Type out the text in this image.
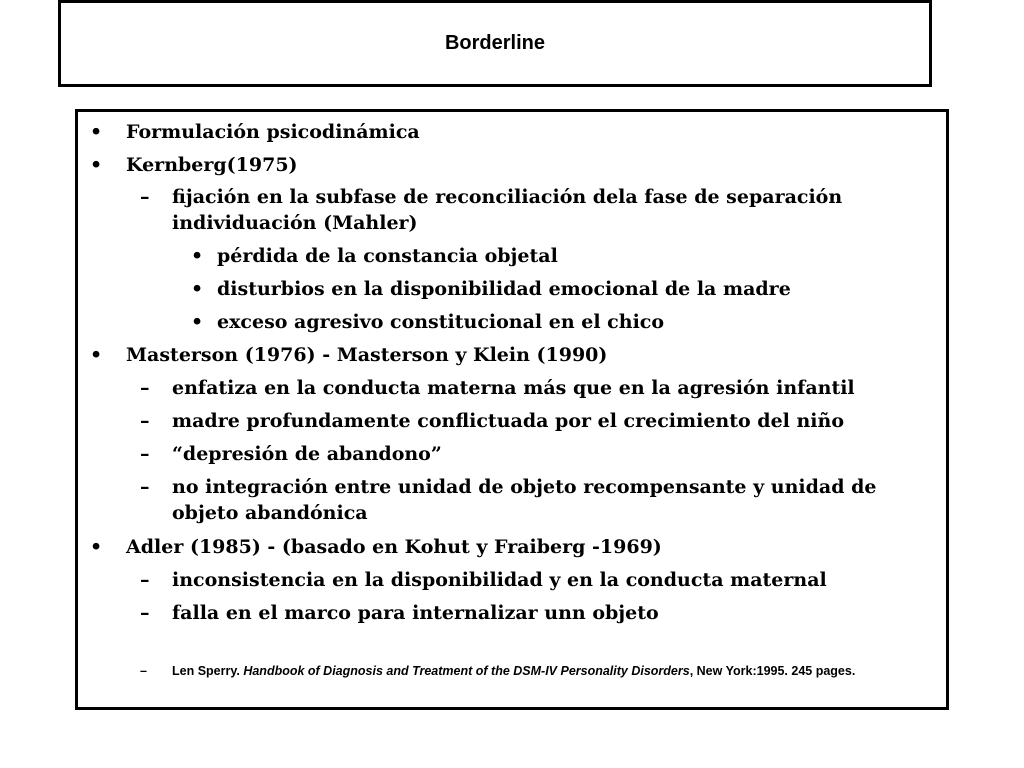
Borderline
• Formulación psicodinámica
• Kernberg(1975)
– fijación en la subfase de reconciliación dela fase de separación individuación (Mahler)
• pérdida de la constancia objetal
• disturbios en la disponibilidad emocional de la madre
• exceso agresivo constitucional en el chico
• Masterson (1976) - Masterson y Klein (1990)
– enfatiza en la conducta materna más que en la agresión infantil
– madre profundamente conflictuada por el crecimiento del niño
– “depresión de abandono”
– no integración entre unidad de objeto recompensante y unidad de objeto abandónica
• Adler (1985) - (basado en Kohut y Fraiberg -1969)
– inconsistencia en la disponibilidad y en la conducta maternal
– falla en el marco para internalizar unn objeto
– Len Sperry. Handbook of Diagnosis and Treatment of the DSM-IV Personality Disorders, New York:1995. 245 pages.
